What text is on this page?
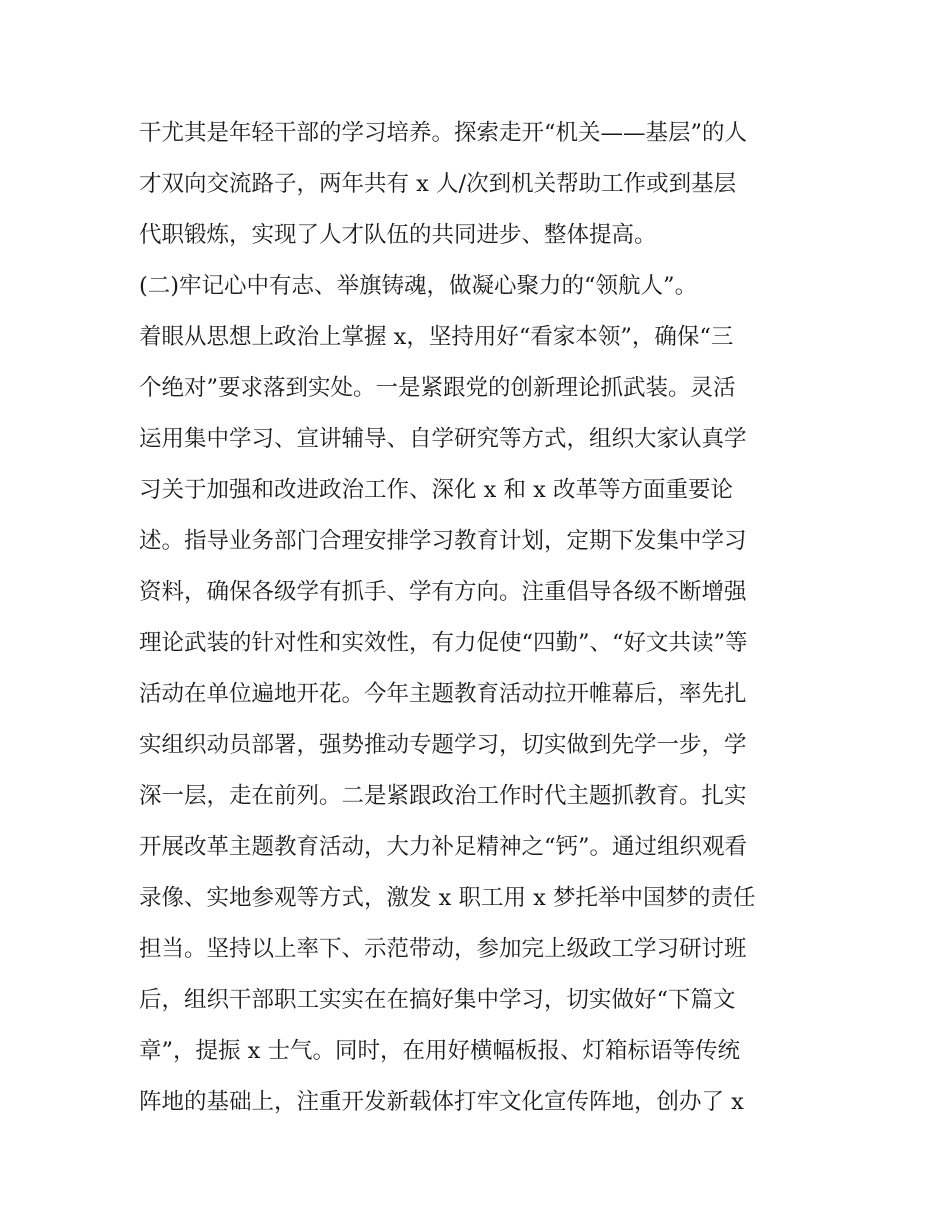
干尤其是年轻干部的学习培养。探索走开“机关——基层”的人
才双向交流路子，两年共有 x 人/次到机关帮助工作或到基层
代职锻炼，实现了人才队伍的共同进步、整体提高。
(二)牢记心中有志、举旗铸魂，做凝心聚力的“领航人”。
着眼从思想上政治上掌握 x，坚持用好“看家本领”，确保“三
个绝对”要求落到实处。一是紧跟党的创新理论抓武装。灵活
运用集中学习、宣讲辅导、自学研究等方式，组织大家认真学
习关于加强和改进政治工作、深化 x 和 x 改革等方面重要论
述。指导业务部门合理安排学习教育计划，定期下发集中学习
资料，确保各级学有抓手、学有方向。注重倡导各级不断增强
理论武装的针对性和实效性，有力促使“四勤”、“好文共读”等
活动在单位遍地开花。今年主题教育活动拉开帷幕后，率先扎
实组织动员部署，强势推动专题学习，切实做到先学一步，学
深一层，走在前列。二是紧跟政治工作时代主题抓教育。扎实
开展改革主题教育活动，大力补足精神之“钙”。通过组织观看
录像、实地参观等方式，激发 x 职工用 x 梦托举中国梦的责任
担当。坚持以上率下、示范带动，参加完上级政工学习研讨班
后，组织干部职工实实在在搞好集中学习，切实做好“下篇文
章”，提振 x 士气。同时，在用好横幅板报、灯箱标语等传统
阵地的基础上，注重开发新载体打牢文化宣传阵地，创办了 x
